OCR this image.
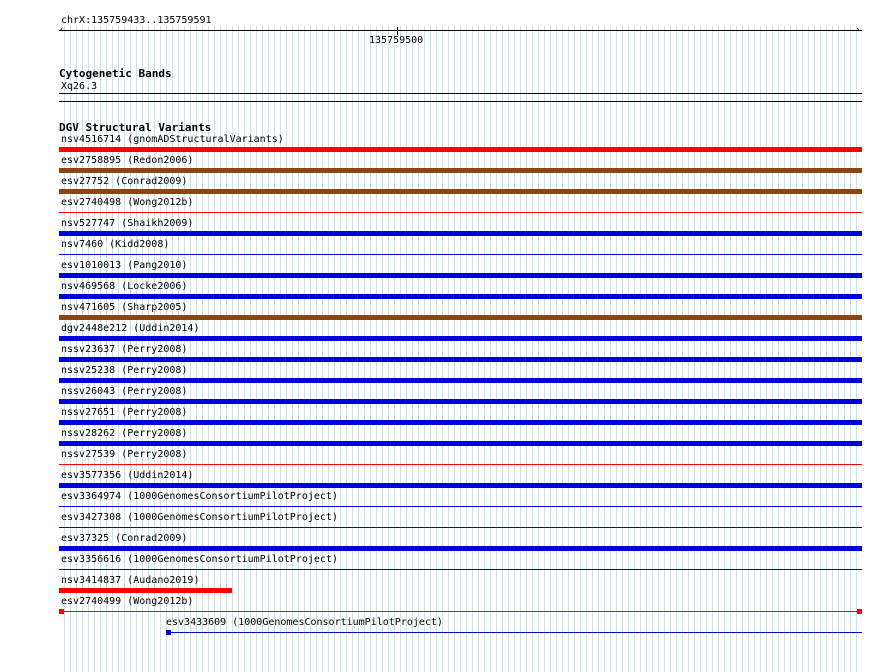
chrX:135759433..135759591
‹	›
135759500
Cytogenetic Bands
Xq26.3
DGV Structural Variants
nsv4516714 (gnomADStructuralVariants)
esv2758895 (Redon2006)
esv27752 (Conrad2009)
esv2740498 (Wong2012b)
nsv527747 (Shaikh2009)
nsv7460 (Kidd2008)
esv1010013 (Pang2010)
nsv469568 (Locke2006)
nsv471605 (Sharp2005)
dgv2448e212 (Uddin2014)
nssv23637 (Perry2008)
nssv25238 (Perry2008)
nssv26043 (Perry2008)
nssv27651 (Perry2008)
nssv28262 (Perry2008)
nssv27539 (Perry2008)
esv3577356 (Uddin2014)
esv3364974 (1000GenomesConsortiumPilotProject)
esv3427308 (1000GenomesConsortiumPilotProject)
esv37325 (Conrad2009)
esv3356616 (1000GenomesConsortiumPilotProject)
nsv3414837 (Audano2019)
esv2740499 (Wong2012b)
esv3433609 (1000GenomesConsortiumPilotProject)
